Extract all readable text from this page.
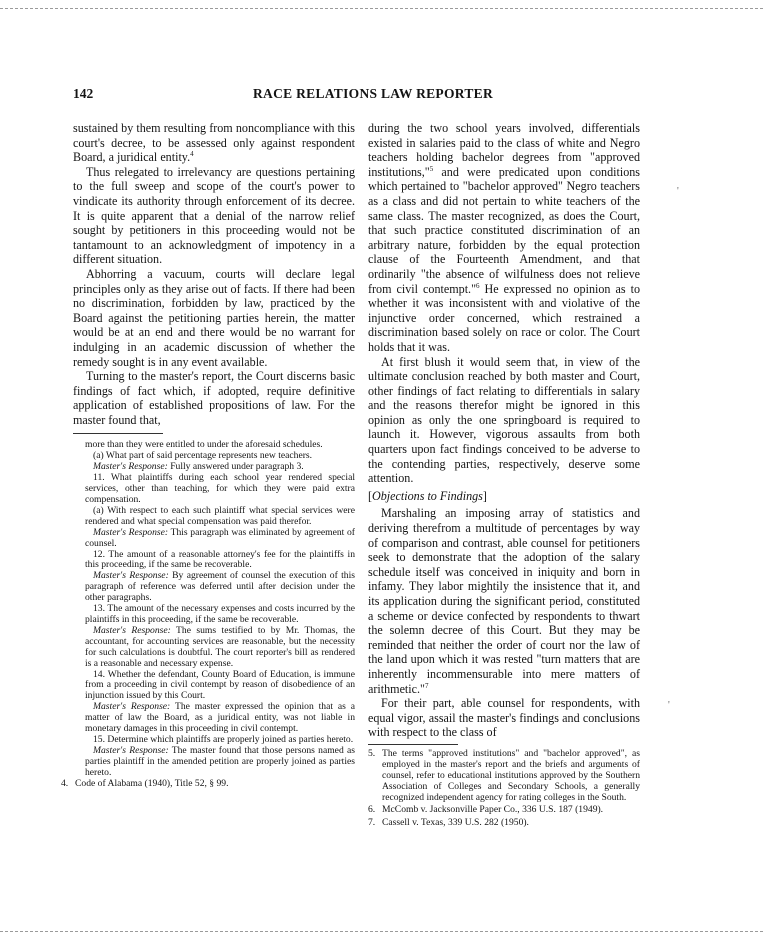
142	RACE RELATIONS LAW REPORTER

sustained by them resulting from noncompliance with this court's decree, to be assessed only against respondent Board, a juridical entity.$^4$

Thus relegated to irrelevancy are questions pertaining to the full sweep and scope of the court's power to vindicate its authority through enforcement of its decree. It is quite apparent that a denial of the narrow relief sought by petitioners in this proceeding would not be tantamount to an acknowledgment of impotency in a different situation.

Abhorring a vacuum, courts will declare legal principles only as they arise out of facts. If there had been no discrimination, forbidden by law, practiced by the Board against the petitioning parties herein, the matter would be at an end and there would be no warrant for indulging in an academic discussion of whether the remedy sought is in any event available.

Turning to the master's report, the Court discerns basic findings of fact which, if adopted, require definitive application of established propositions of law. For the master found that,

more than they were entitled to under the aforesaid schedules.

(a) What part of said percentage represents new teachers.

Master's Response: Fully answered under paragraph 3.

11. What plaintiffs during each school year rendered special services, other than teaching, for which they were paid extra compensation.

(a) With respect to each such plaintiff what special services were rendered and what special compensation was paid therefor.

Master's Response: This paragraph was eliminated by agreement of counsel.

12. The amount of a reasonable attorney's fee for the plaintiffs in this proceeding, if the same be recoverable.

Master's Response: By agreement of counsel the execution of this paragraph of reference was deferred until after decision under the other paragraphs.

13. The amount of the necessary expenses and costs incurred by the plaintiffs in this proceeding, if the same be recoverable.

Master's Response: The sums testified to by Mr. Thomas, the accountant, for accounting services are reasonable, but the necessity for such calculations is doubtful. The court reporter's bill as rendered is a reasonable and necessary expense.

14. Whether the defendant, County Board of Education, is immune from a proceeding in civil contempt by reason of disobedience of an injunction issued by this Court.

Master's Response: The master expressed the opinion that as a matter of law the Board, as a juridical entity, was not liable in monetary damages in this proceeding in civil contempt.

15. Determine which plaintiffs are properly joined as parties hereto.

Master's Response: The master found that those persons named as parties plaintiff in the amended petition are properly joined as parties hereto.

4. Code of Alabama (1940), Title 52, § 99.

during the two school years involved, differentials existed in salaries paid to the class of white and Negro teachers holding bachelor degrees from "approved institutions,"$^5$ and were predicated upon conditions which pertained to "bachelor approved" Negro teachers as a class and did not pertain to white teachers of the same class. The master recognized, as does the Court, that such practice constituted discrimination of an arbitrary nature, forbidden by the equal protection clause of the Fourteenth Amendment, and that ordinarily "the absence of wilfulness does not relieve from civil contempt."$^6$ He expressed no opinion as to whether it was inconsistent with and violative of the injunctive order concerned, which restrained a discrimination based solely on race or color. The Court holds that it was.

At first blush it would seem that, in view of the ultimate conclusion reached by both master and Court, other findings of fact relating to differentials in salary and the reasons therefor might be ignored in this opinion as only the one springboard is required to launch it. However, vigorous assaults from both quarters upon fact findings conceived to be adverse to the contending parties, respectively, deserve some attention.

[Objections to Findings]

Marshaling an imposing array of statistics and deriving therefrom a multitude of percentages by way of comparison and contrast, able counsel for petitioners seek to demonstrate that the adoption of the salary schedule itself was conceived in iniquity and born in infamy. They labor mightily the insistence that it, and its application during the significant period, constituted a scheme or device confected by respondents to thwart the solemn decree of this Court. But they may be reminded that neither the order of court nor the law of the land upon which it was rested "turn matters that are inherently incommensurable into mere matters of arithmetic."$^7$

For their part, able counsel for respondents, with equal vigor, assail the master's findings and conclusions with respect to the class of

5. The terms "approved institutions" and "bachelor approved", as employed in the master's report and the briefs and arguments of counsel, refer to educational institutions approved by the Southern Association of Colleges and Secondary Schools, a generally recognized independent agency for rating colleges in the South.
6. McComb v. Jacksonville Paper Co., 336 U.S. 187 (1949).
7. Cassell v. Texas, 339 U.S. 282 (1950).
'
'
